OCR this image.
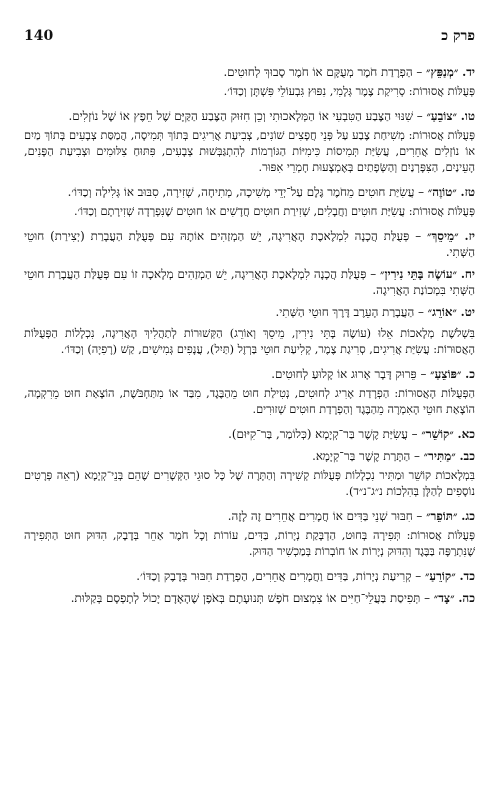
פרק כ
140

יד. ״מְנַפֵּץ״ – הַפְרָדַת חֹמֶר מְעֻקָּם אוֹ חֹמֶר סָבוּךְ לְחוּטִים.

פְּעֻלּוֹת אֲסוּרוֹת: סְרִיקַת צֶמֶר גְּלָמִי, נִפּוּץ גִּבְעוֹלֵי פִּשְׁתָּן וְכַדּוֹ׳.

טו. ״צוֹבֵעַ״ – שִׁנּוּי הַצֶּבַע הַטִּבְעִי אוֹ הַמְּלָאכוּתִי וְכֵן חִזּוּק הַצֶּבַע הַקַּיָּם שֶׁל חֵפֶץ אוֹ שֶׁל נוֹזְלִים.

פְּעֻלּוֹת אֲסוּרוֹת: מְשִׁיחַת צֶבַע עַל פְּנֵי חֲפָצִים שׁוֹנִים, צְבִיעַת אֲרִיגִים בְּתוֹךְ תְּמִיסָה, הֲמַסַּת צְבָעִים בְּתוֹךְ מַיִם אוֹ נוֹזְלִים אֲחֵרִים, עֲשִׂיַּת תְּמִיסוֹת כִּימִיּוֹת הַגּוֹרְמוֹת לְהִתְגַּבְּשׁוּת צְבָעִים, פִּתּוּחַ צִלּוּמִים וּצְבִיעַת הַפָּנִים, הָעֵינַיִם, הַצִּפָּרְנַיִם וְהַשְּׂפָתַיִם בְּאֶמְצָעוּת חָמְרֵי אִפּוּר.

טז. ״טוֹוֶה״ – עֲשִׂיַּת חוּטִים מֵחֹמֶר גֶּלֶם עַל־יְדֵי מְשִׁיכָה, מְתִיחָה, שְׁזִירָה, סִבּוּב אוֹ גְּלִילָה וְכַדּוֹ׳.

פְּעֻלּוֹת אֲסוּרוֹת: עֲשִׂיַּת חוּטִים וַחֲבָלִים, שְׁזִירַת חוּטִים חֲדָשִׁים אוֹ חוּטִים שֶׁנִּפְרְדָה שְׁזִירָתָם וְכַדּוֹ׳.

יז. ״מֵיסֵךְ״ – פְּעֻלַּת הֲכָנָה לִמְלֶאכֶת הָאֲרִיגָה, יֵשׁ הַמְזַהִים אוֹתָהּ עִם פְּעֻלַּת הַעֲבָרַת (יְצִירַת) חוּטֵי הַשְּׁתִי.

יח. ״עוֹשֶׂה בָּתֵּי נִירִין״ – פְּעֻלַּת הֲכָנָה לִמְלֶאכֶת הָאֲרִיגָה, יֵשׁ הַמְזַהִים מְלָאכָה זוֹ עִם פְּעֻלַּת הַעֲבָרַת חוּטֵי הַשְּׁתִי בִּמְכוֹנַת הָאֲרִיגָה.

יט. ״אוֹרֵג״ – הַעֲבָרַת הָעֵרֶב דֶּרֶךְ חוּטֵי הַשְּׁתִי.

בִּשְׁלֹשֶׁת מְלָאכוֹת אֵלוּ (עוֹשֶׂה בָּתֵּי נִירִין, מֵיסֵךְ וְאוֹרֵג) הַקְּשׁוּרוֹת לְתַהֲלִיךְ הָאֲרִיגָה, נִכְלָלוֹת הַפְּעֻלּוֹת הָאֲסוּרוֹת: עֲשִׂיַּת אֲרִיגִים, סְרִיגַת צֶמֶר, קְלִיעַת חוּטֵי בַּרְזֶל (תַּיִל), עֲנָפִים גְּמִישִׁים, קַשׁ (רָפִיָה) וְכַדּוֹ׳.

כ. ״פּוֹצֵעַ״ – פֵּרוּק דָּבָר אָרוּג אוֹ קָלוּעַ לְחוּטִים.

הַפְּעֻלּוֹת הָאֲסוּרוֹת: הַפְרָדַת אָרִיג לְחוּטִים, נְטִילַת חוּט מֵהַבֶּגֶד, מִבַּד אוֹ מִתַּחְבֹּשֶׁת, הוֹצָאַת חוּט מֵרִקְמָה, הוֹצָאַת חוּטֵי הָאִמְרָה מֵהַבֶּגֶד וְהַפְרָדַת חוּטִים שְׁזוּרִים.

כא. ״קוֹשֵׁר״ – עֲשִׂיַּת קֶשֶׁר בַּר־קְיָמָא (כְּלוֹמַר, בַּר־קִיּוּם).

כב. ״מַתִּיר״ – הַתָּרַת קֶשֶׁר בַּר־קְיָמָא.

בִּמְלָאכוֹת קוֹשֵׁר וּמַתִּיר נִכְלָלוֹת פְּעֻלּוֹת קְשִׁירָה וְהַתָּרָה שֶׁל כָּל סוּגֵי הַקְּשָׁרִים שֶׁהֵם בְּנֵי־קְיָמָא (רְאֵה פְּרָטִים נוֹסָפִים לְהַלָּן בְּהִלְכוֹת נ״ג־נ״ד).

כג. ״תּוֹפֵר״ – חִבּוּר שְׁנֵי בַּדִּים אוֹ חֲמָרִים אֲחֵרִים זֶה לָזֶה.

פְּעֻלּוֹת אֲסוּרוֹת: תְּפִירָה בְּחוּט, הַדְבָּקַת נְיָרוֹת, בַּדִּים, עוֹרוֹת וְכָל חֹמֶר אַחֵר בְּדֶבֶק, הִדּוּק חוּט הַתְּפִירָה שֶׁנִּתְרַפָּה בַּבֶּגֶד וְהִדּוּק נְיָרוֹת אוֹ חוֹבְרוֹת בְּמַכְשִׁיר הַדּוּק.

כד. ״קוֹרֵעַ״ – קְרִיעַת נְיָרוֹת, בַּדִּים וַחֲמָרִים אֲחֵרִים, הַפְרָדַת חִבּוּר בְּדֶבֶק וְכַדּוֹ׳.

כה. ״צָד״ – תְּפִיסַת בַּעֲלֵי־חַיִּים אוֹ צִמְצוּם חֹפֶשׁ תְּנוּעָתָם בְּאֹפֶן שֶׁהָאָדָם יָכוֹל לְתָפְסָם בְּקַלּוּת.
